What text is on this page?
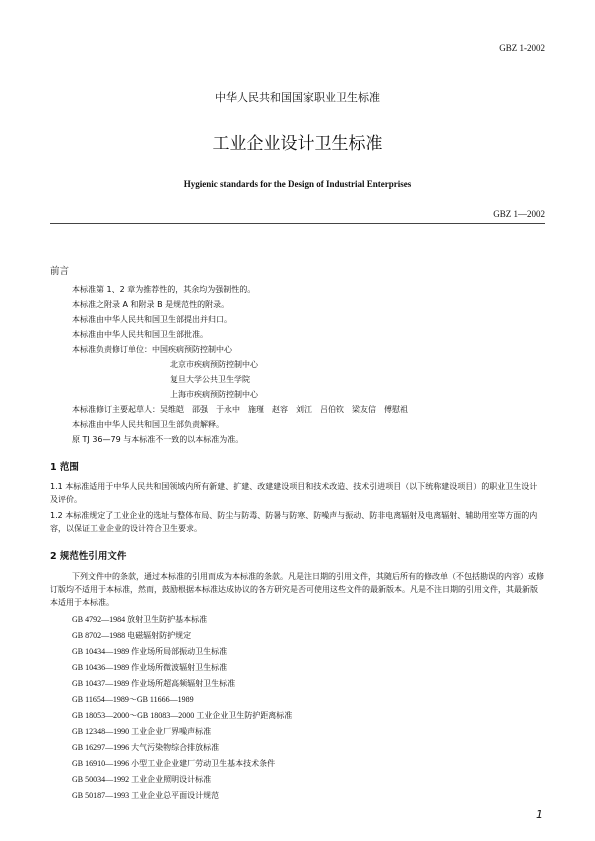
GBZ 1-2002
中华人民共和国国家职业卫生标准
工业企业设计卫生标准
Hygienic standards for the Design of Industrial Enterprises
GBZ 1—2002
前言
本标准第 1、2 章为推荐性的，其余均为强制性的。
本标准之附录 A 和附录 B 是规范性的附录。
本标准由中华人民共和国卫生部提出并归口。
本标准由中华人民共和国卫生部批准。
本标准负责修订单位：中国疾病预防控制中心
北京市疾病预防控制中心
复旦大学公共卫生学院
上海市疾病预防控制中心
本标准修订主要起草人：吴维皑　邵强　于永中　施瑾　赵容　刘江　吕伯钦　梁友信　傅慰祖
本标准由中华人民共和国卫生部负责解释。
原 TJ 36—79 与本标准不一致的以本标准为准。
1 范围
1.1 本标准适用于中华人民共和国领域内所有新建、扩建、改建建设项目和技术改造、技术引进项目（以下统称建设项目）的职业卫生设计及评价。
1.2 本标准规定了工业企业的选址与整体布局、防尘与防毒、防暑与防寒、防噪声与振动、防非电离辐射及电离辐射、辅助用室等方面的内容，以保证工业企业的设计符合卫生要求。
2 规范性引用文件
下列文件中的条款，通过本标准的引用而成为本标准的条款。凡是注日期的引用文件，其随后所有的修改单（不包括勘误的内容）或修订版均不适用于本标准，然而，鼓励根据本标准达成协议的各方研究是否可使用这些文件的最新版本。凡是不注日期的引用文件，其最新版本适用于本标准。
GB 4792—1984 放射卫生防护基本标准
GB 8702—1988 电磁辐射防护规定
GB 10434—1989 作业场所局部振动卫生标准
GB 10436—1989 作业场所微波辐射卫生标准
GB 10437—1989 作业场所超高频辐射卫生标准
GB 11654—1989～GB 11666—1989
GB 18053—2000～GB 18083—2000 工业企业卫生防护距离标准
GB 12348—1990 工业企业厂界噪声标准
GB 16297—1996 大气污染物综合排放标准
GB 16910—1996 小型工业企业建厂劳动卫生基本技术条件
GB 50034—1992 工业企业照明设计标准
GB 50187—1993 工业企业总平面设计规范
1
